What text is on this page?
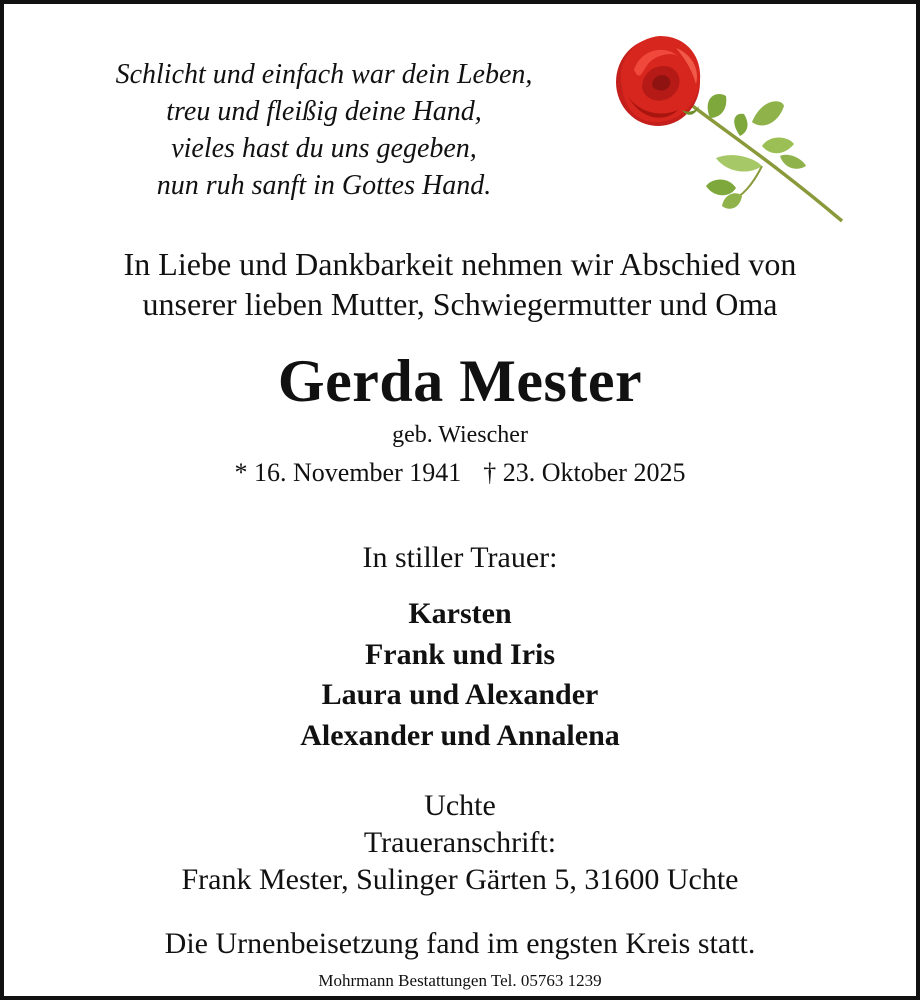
Schlicht und einfach war dein Leben,
treu und fleißig deine Hand,
vieles hast du uns gegeben,
nun ruh sanft in Gottes Hand.
In Liebe und Dankbarkeit nehmen wir Abschied von
unserer lieben Mutter, Schwiegermutter und Oma
Gerda Mester
geb. Wiescher
* 16. November 1941 † 23. Oktober 2025
In stiller Trauer:
Karsten
Frank und Iris
Laura und Alexander
Alexander und Annalena
Uchte
Traueranschrift:
Frank Mester, Sulinger Gärten 5, 31600 Uchte
Die Urnenbeisetzung fand im engsten Kreis statt.
Mohrmann Bestattungen Tel. 05763 1239
